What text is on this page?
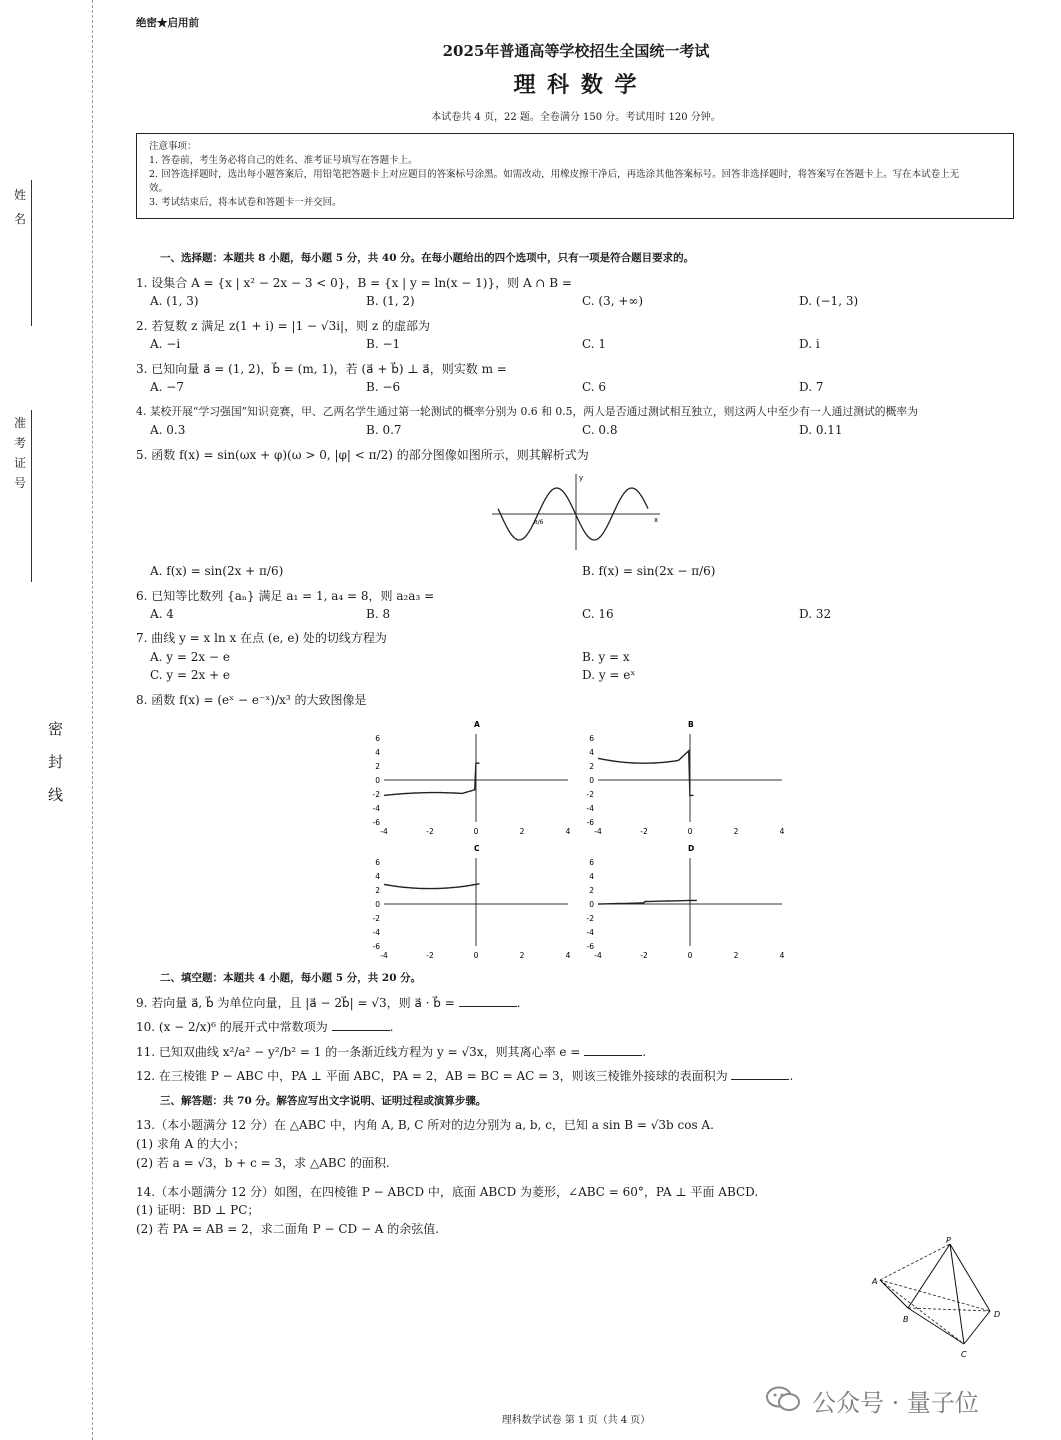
姓
名
准
考
证
号
密
封
线
绝密★启用前
2025年普通高等学校招生全国统一考试
理 科 数 学
本试卷共 4 页，22 题。全卷满分 150 分。考试用时 120 分钟。
注意事项：
1. 答卷前，考生务必将自己的姓名、准考证号填写在答题卡上。
2. 回答选择题时，选出每小题答案后，用铅笔把答题卡上对应题目的答案标号涂黑。如需改动，用橡皮擦干净后，再选涂其他答案标号。回答非选择题时，将答案写在答题卡上。写在本试卷上无
效。
3. 考试结束后，将本试卷和答题卡一并交回。
一、选择题：本题共 8 小题，每小题 5 分，共 40 分。在每小题给出的四个选项中，只有一项是符合题目要求的。
1. 设集合 A = {x | x² − 2x − 3 < 0}，B = {x | y = ln(x − 1)}，则 A ∩ B =
A. (1, 3)	B. (1, 2)	C. (3, +∞)	D. (−1, 3)
2. 若复数 z 满足 z(1 + i) = |1 − √3i|，则 z 的虚部为
A. −i	B. −1	C. 1	D. i
3. 已知向量 a⃗ = (1, 2)，b⃗ = (m, 1)，若 (a⃗ + b⃗) ⊥ a⃗，则实数 m =
A. −7	B. −6	C. 6	D. 7
4. 某校开展“学习强国”知识竞赛，甲、乙两名学生通过第一轮测试的概率分别为 0.6 和 0.5，两人是否通过测试相互独立，则这两人中至少有一人通过测试的概率为
A. 0.3	B. 0.7	C. 0.8	D. 0.11
5. 函数 f(x) = sin(ωx + φ)(ω > 0, |φ| < π/2) 的部分图像如图所示，则其解析式为
y
x
π/6
A. f(x) = sin(2x + π/6)	B. f(x) = sin(2x − π/6)
6. 已知等比数列 {aₙ} 满足 a₁ = 1, a₄ = 8，则 a₂a₃ =
A. 4	B. 8	C. 16	D. 32
7. 曲线 y = x ln x 在点 (e, e) 处的切线方程为
A. y = 2x − e	B. y = x
C. y = 2x + e	D. y = eˣ
8. 函数 f(x) = (eˣ − e⁻ˣ)/x³ 的大致图像是
A
6
4
2
0
-2
-4
-6
-4	-2	0	2	4
B
6
4
2
0
-2
-4
-6
-4	-2	0	2	4
C
6
4
2
0
-2
-4
-6
-4	-2	0	2	4
D
6
4
2
0
-2
-4
-6
-4	-2	0	2	4
二、填空题：本题共 4 小题，每小题 5 分，共 20 分。
9. 若向量 a⃗, b⃗ 为单位向量，且 |a⃗ − 2b⃗| = √3，则 a⃗ · b⃗ =	.
10. (x − 2/x)⁶ 的展开式中常数项为	.
11. 已知双曲线 x²/a² − y²/b² = 1 的一条渐近线方程为 y = √3x，则其离心率 e =	.
12. 在三棱锥 P − ABC 中，PA ⊥ 平面 ABC，PA = 2，AB = BC = AC = 3，则该三棱锥外接球的表面积为	.
三、解答题：共 70 分。解答应写出文字说明、证明过程或演算步骤。
13.（本小题满分 12 分）在 △ABC 中，内角 A, B, C 所对的边分别为 a, b, c，已知 a sin B = √3b cos A.
(1) 求角 A 的大小；
(2) 若 a = √3，b + c = 3，求 △ABC 的面积.
14.（本小题满分 12 分）如图，在四棱锥 P − ABCD 中，底面 ABCD 为菱形，∠ABC = 60°，PA ⊥ 平面 ABCD.
(1) 证明：BD ⊥ PC；
(2) 若 PA = AB = 2，求二面角 P − CD − A 的余弦值.
P
A
B
C
D
理科数学试卷 第 1 页（共 4 页）
公众号 · 量子位
